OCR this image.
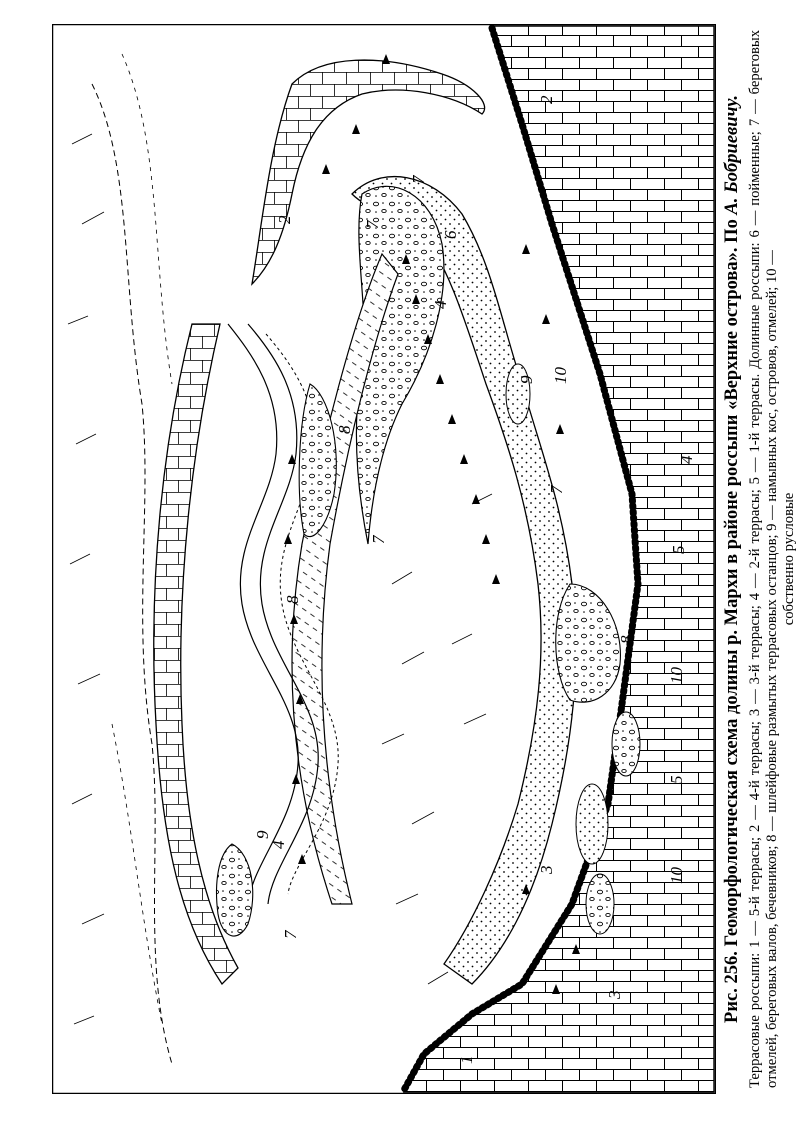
1
2
2
3
3
4
4
4
5
5
6
7
7
7
7
7
8
8
8
9
9 10
10
10 Рис. 256. Геоморфологическая схема долины р. Мархи в районе россыпи «Верхние острова». По А. Бобриевичу. Террасовые россыпи: 1 — 5-й террасы; 2 — 4-й террасы; 3 — 3-й террасы; 4 — 2-й террасы; 5 — 1-й террасы. Долинные россыпи: 6 — пойменные; 7 — береговых отмелей, береговых валов, бечевников; 8 — шлейфовые размытых террасовых останцов; 9 — намывных кос, островов, отмелей; 10 — собственно русловые
